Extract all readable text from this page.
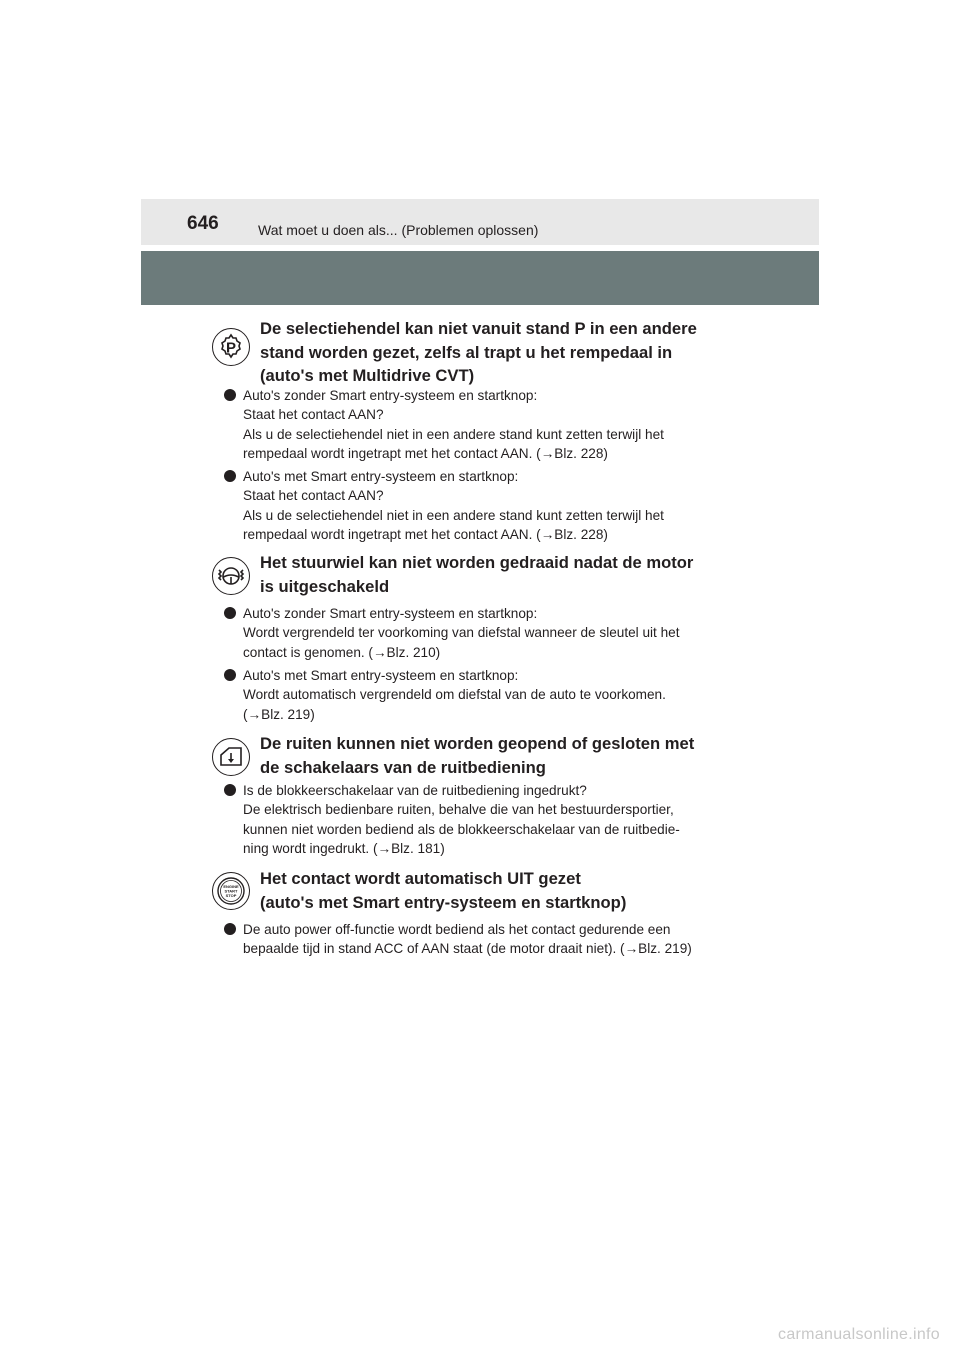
646	Wat moet u doen als... (Problemen oplossen)
P
De selectiehendel kan niet vanuit stand P in een andere
stand worden gezet, zelfs al trapt u het rempedaal in
(auto's met Multidrive CVT)
Auto's zonder Smart entry-systeem en startknop:
Staat het contact AAN?
Als u de selectiehendel niet in een andere stand kunt zetten terwijl het
rempedaal wordt ingetrapt met het contact AAN. (→Blz. 228)
Auto's met Smart entry-systeem en startknop:
Staat het contact AAN?
Als u de selectiehendel niet in een andere stand kunt zetten terwijl het
rempedaal wordt ingetrapt met het contact AAN. (→Blz. 228)
Het stuurwiel kan niet worden gedraaid nadat de motor
is uitgeschakeld
Auto's zonder Smart entry-systeem en startknop:
Wordt vergrendeld ter voorkoming van diefstal wanneer de sleutel uit het
contact is genomen. (→Blz. 210)
Auto's met Smart entry-systeem en startknop:
Wordt automatisch vergrendeld om diefstal van de auto te voorkomen.
(→Blz. 219)
De ruiten kunnen niet worden geopend of gesloten met
de schakelaars van de ruitbediening
Is de blokkeerschakelaar van de ruitbediening ingedrukt?
De elektrisch bedienbare ruiten, behalve die van het bestuurdersportier,
kunnen niet worden bediend als de blokkeerschakelaar van de ruitbedie-
ning wordt ingedrukt. (→Blz. 181)
ENGINE
START
STOP
Het contact wordt automatisch UIT gezet
(auto's met Smart entry-systeem en startknop)
De auto power off-functie wordt bediend als het contact gedurende een
bepaalde tijd in stand ACC of AAN staat (de motor draait niet). (→Blz. 219)
carmanualsonline.info
